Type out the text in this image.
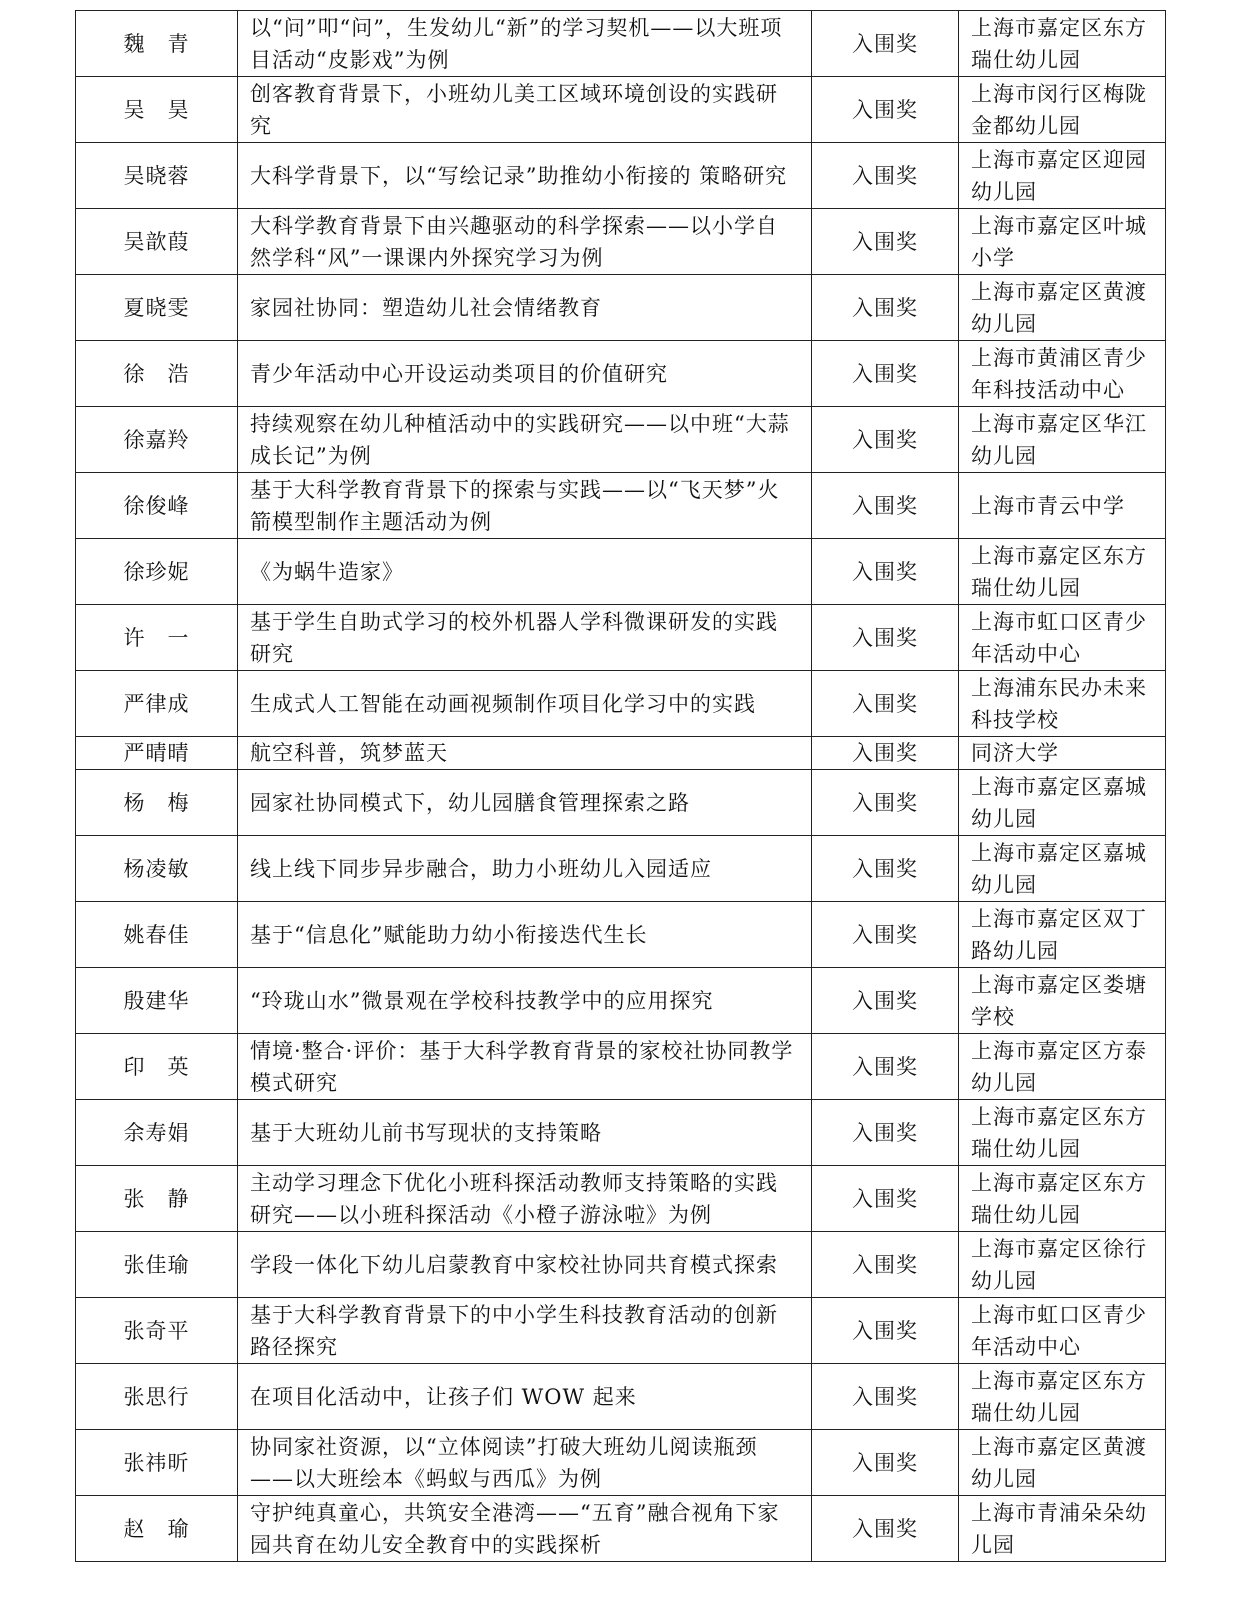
魏　青	以“问”叩“问”，生发幼儿“新”的学习契机——以大班项目活动“皮影戏”为例	入围奖	上海市嘉定区东方瑞仕幼儿园
吴　昊	创客教育背景下，小班幼儿美工区域环境创设的实践研究	入围奖	上海市闵行区梅陇金都幼儿园
吴晓蓉	大科学背景下，以“写绘记录”助推幼小衔接的 策略研究	入围奖	上海市嘉定区迎园幼儿园
吴歆葭	大科学教育背景下由兴趣驱动的科学探索——以小学自然学科“风”一课课内外探究学习为例	入围奖	上海市嘉定区叶城小学
夏晓雯	家园社协同：塑造幼儿社会情绪教育	入围奖	上海市嘉定区黄渡幼儿园
徐　浩	青少年活动中心开设运动类项目的价值研究	入围奖	上海市黄浦区青少年科技活动中心
徐嘉羚	持续观察在幼儿种植活动中的实践研究——以中班“大蒜成长记”为例	入围奖	上海市嘉定区华江幼儿园
徐俊峰	基于大科学教育背景下的探索与实践——以“飞天梦”火箭模型制作主题活动为例	入围奖	上海市青云中学
徐珍妮	《为蜗牛造家》	入围奖	上海市嘉定区东方瑞仕幼儿园
许　一	基于学生自助式学习的校外机器人学科微课研发的实践研究	入围奖	上海市虹口区青少年活动中心
严律成	生成式人工智能在动画视频制作项目化学习中的实践	入围奖	上海浦东民办未来科技学校
严晴晴	航空科普，筑梦蓝天	入围奖	同济大学
杨　梅	园家社协同模式下，幼儿园膳食管理探索之路	入围奖	上海市嘉定区嘉城幼儿园
杨凌敏	线上线下同步异步融合，助力小班幼儿入园适应	入围奖	上海市嘉定区嘉城幼儿园
姚春佳	基于“信息化”赋能助力幼小衔接迭代生长	入围奖	上海市嘉定区双丁路幼儿园
殷建华	“玲珑山水”微景观在学校科技教学中的应用探究	入围奖	上海市嘉定区娄塘学校
印　英	情境·整合·评价：基于大科学教育背景的家校社协同教学模式研究	入围奖	上海市嘉定区方泰幼儿园
余寿娟	基于大班幼儿前书写现状的支持策略	入围奖	上海市嘉定区东方瑞仕幼儿园
张　静	主动学习理念下优化小班科探活动教师支持策略的实践研究——以小班科探活动《小橙子游泳啦》为例	入围奖	上海市嘉定区东方瑞仕幼儿园
张佳瑜	学段一体化下幼儿启蒙教育中家校社协同共育模式探索	入围奖	上海市嘉定区徐行幼儿园
张奇平	基于大科学教育背景下的中小学生科技教育活动的创新路径探究	入围奖	上海市虹口区青少年活动中心
张思行	在项目化活动中，让孩子们 WOW 起来	入围奖	上海市嘉定区东方瑞仕幼儿园
张祎昕	协同家社资源，以“立体阅读”打破大班幼儿阅读瓶颈——以大班绘本《蚂蚁与西瓜》为例	入围奖	上海市嘉定区黄渡幼儿园
赵　瑜	守护纯真童心，共筑安全港湾——“五育”融合视角下家园共育在幼儿安全教育中的实践探析	入围奖	上海市青浦朵朵幼儿园
